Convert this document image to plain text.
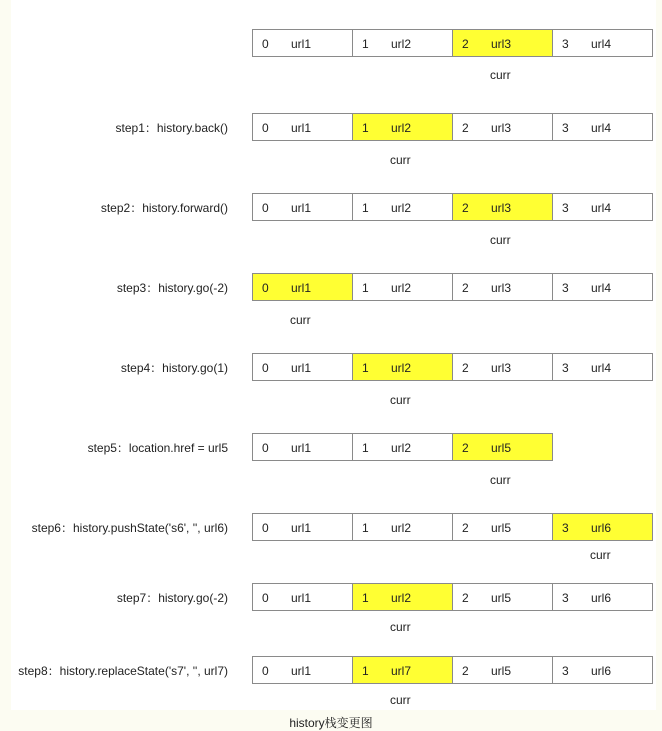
history栈变更图
0 url1	1 url2	2 url3	3 url4
curr
step1：history.back()	0 url1	1 url2	2 url3	3 url4
curr
step2：history.forward()	0 url1	1 url2	2 url3	3 url4
curr
step3：history.go(-2)	0 url1	1 url2	2 url3	3 url4
curr
step4：history.go(1)	0 url1	1 url2	2 url3	3 url4
curr
step5：location.href = url5	0 url1	1 url2	2 url5
curr
step6：history.pushState('s6', '', url6)	0 url1	1 url2	2 url5	3 url6
curr
step7：history.go(-2)	0 url1	1 url2	2 url5	3 url6
curr
step8：history.replaceState('s7', '', url7)	0 url1	1 url7	2 url5	3 url6
curr
